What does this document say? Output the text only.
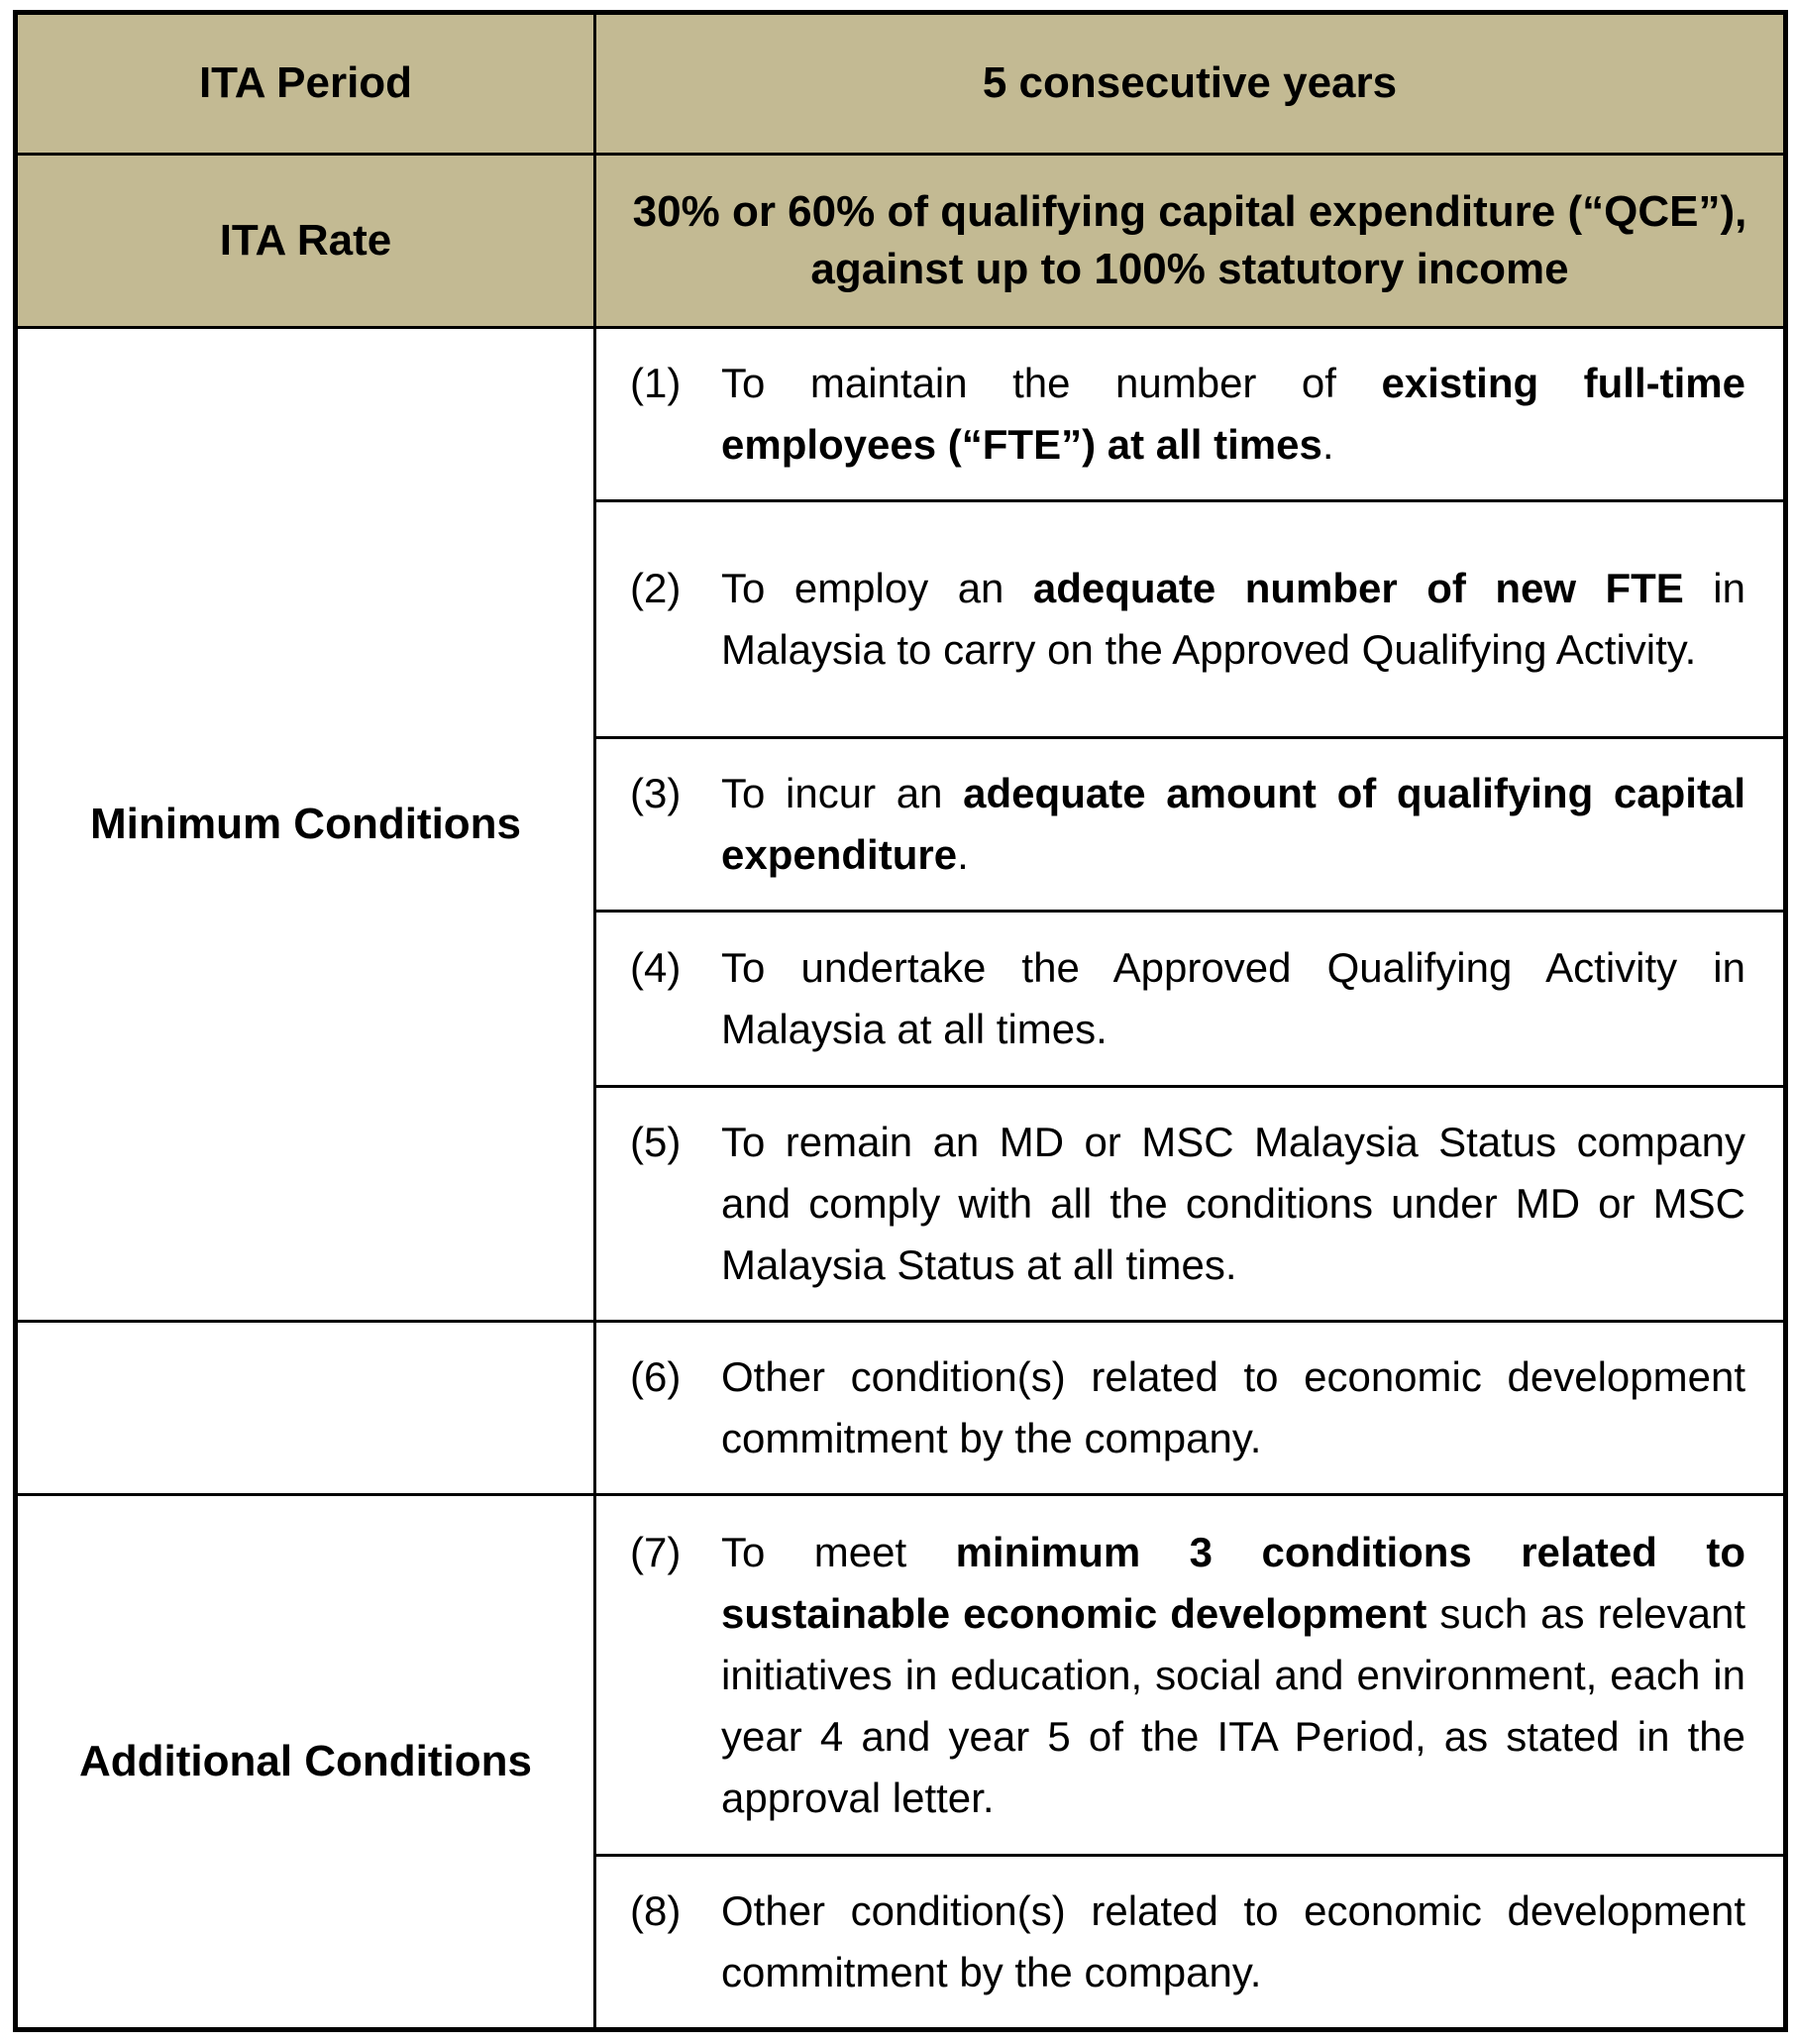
ITA Period	5 consecutive years
ITA Rate	30% or 60% of qualifying capital expenditure (“QCE”), against up to 100% statutory income
Minimum Conditions	(1) To maintain the number of existing full-time employees (“FTE”) at all times.

	(2) To employ an adequate number of new FTE in Malaysia to carry on the Approved Qualifying Activity.

	(3) To incur an adequate amount of qualifying capital expenditure.

	(4) To undertake the Approved Qualifying Activity in Malaysia at all times.

	(5) To remain an MD or MSC Malaysia Status company and comply with all the conditions under MD or MSC Malaysia Status at all times.

	(6) Other condition(s) related to economic development commitment by the company.

Additional Conditions	(7) To meet minimum 3 conditions related to sustainable economic development such as relevant initiatives in education, social and environment, each in year 4 and year 5 of the ITA Period, as stated in the approval letter.

	(8) Other condition(s) related to economic development commitment by the company.
